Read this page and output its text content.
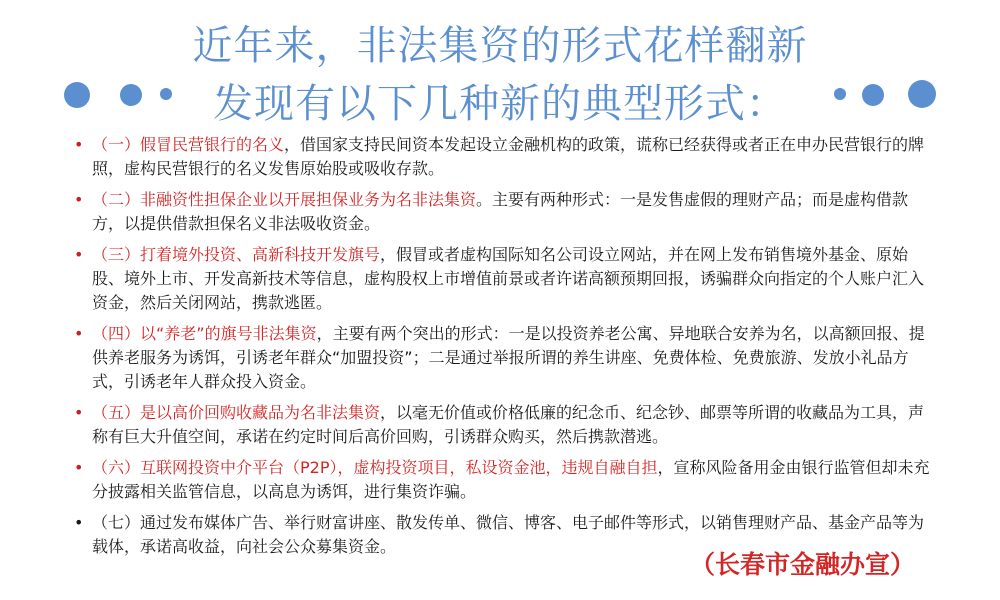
近年来，非法集资的形式花样翻新
发现有以下几种新的典型形式：
• （一）假冒民营银行的名义，借国家支持民间资本发起设立金融机构的政策，谎称已经获得或者正在申办民营银行的牌照，虚构民营银行的名义发售原始股或吸收存款。
• （二）非融资性担保企业以开展担保业务为名非法集资。主要有两种形式：一是发售虚假的理财产品；而是虚构借款方，以提供借款担保名义非法吸收资金。
• （三）打着境外投资、高新科技开发旗号，假冒或者虚构国际知名公司设立网站，并在网上发布销售境外基金、原始股、境外上市、开发高新技术等信息，虚构股权上市增值前景或者许诺高额预期回报，诱骗群众向指定的个人账户汇入资金，然后关闭网站，携款逃匿。
• （四）以“养老”的旗号非法集资，主要有两个突出的形式：一是以投资养老公寓、异地联合安养为名，以高额回报、提供养老服务为诱饵，引诱老年群众“加盟投资”；二是通过举报所谓的养生讲座、免费体检、免费旅游、发放小礼品方式，引诱老年人群众投入资金。
• （五）是以高价回购收藏品为名非法集资，以毫无价值或价格低廉的纪念币、纪念钞、邮票等所谓的收藏品为工具，声称有巨大升值空间，承诺在约定时间后高价回购，引诱群众购买，然后携款潜逃。
• （六）互联网投资中介平台（P2P），虚构投资项目，私设资金池，违规自融自担，宣称风险备用金由银行监管但却未充分披露相关监管信息，以高息为诱饵，进行集资诈骗。
• （七）通过发布媒体广告、举行财富讲座、散发传单、微信、博客、电子邮件等形式，以销售理财产品、基金产品等为载体，承诺高收益，向社会公众募集资金。
（长春市金融办宣）
